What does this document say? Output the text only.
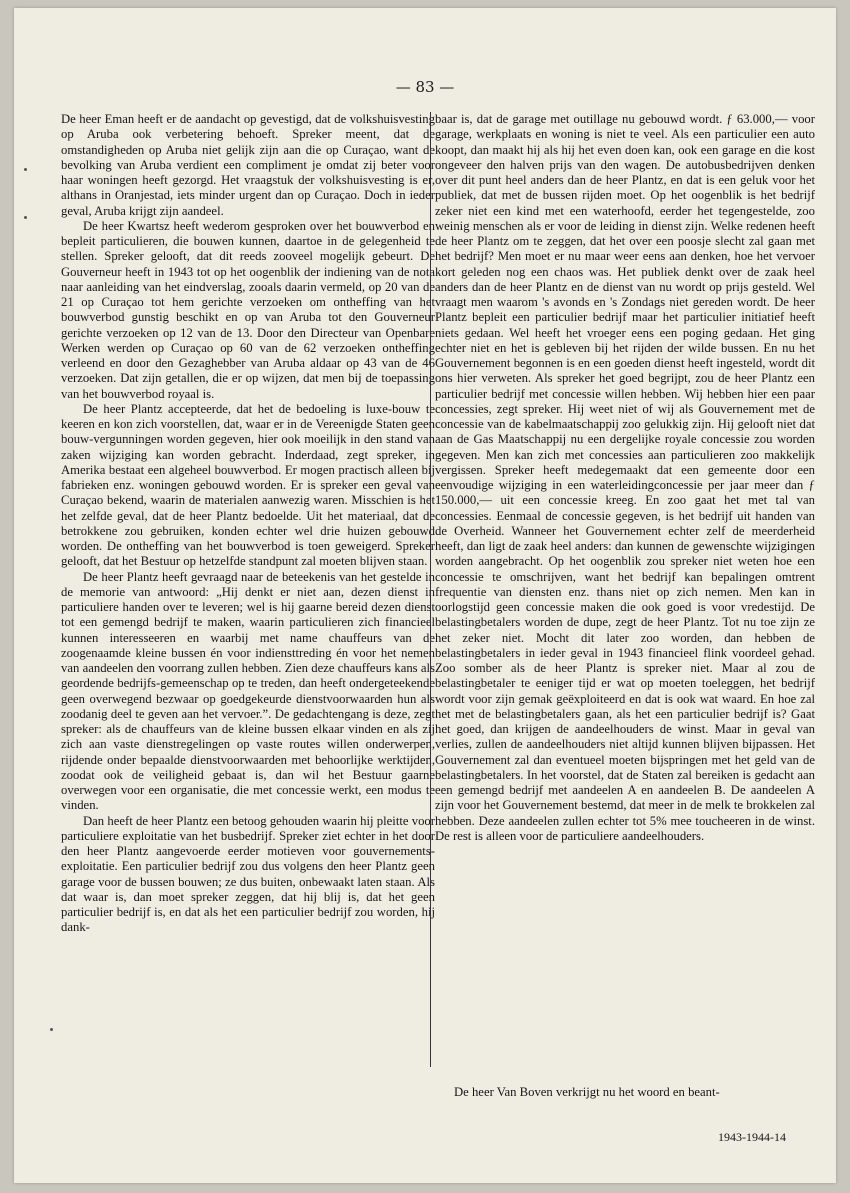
— 83 —

De heer Eman heeft er de aandacht op gevestigd, dat de volkshuisvesting op Aruba ook verbetering behoeft. Spreker meent, dat de omstandigheden op Aruba niet gelijk zijn aan die op Curaçao, want de bevolking van Aruba verdient een compliment je omdat zij beter voor haar woningen heeft gezorgd. Het vraagstuk der volkshuisvesting is er, althans in Oranjestad, iets minder urgent dan op Curaçao. Doch in ieder geval, Aruba krijgt zijn aandeel.

De heer Kwartsz heeft wederom gesproken over het bouwverbod en bepleit particulieren, die bouwen kunnen, daartoe in de gelegenheid te stellen. Spreker gelooft, dat dit reeds zooveel mogelijk gebeurt. De Gouverneur heeft in 1943 tot op het oogenblik der indiening van de nota naar aanleiding van het eindverslag, zooals daarin vermeld, op 20 van de 21 op Curaçao tot hem gerichte verzoeken om ontheffing van het bouwverbod gunstig beschikt en op van Aruba tot den Gouverneur gerichte verzoeken op 12 van de 13. Door den Directeur van Openbare Werken werden op Curaçao op 60 van de 62 verzoeken ontheffing verleend en door den Gezaghebber van Aruba aldaar op 43 van de 46 verzoeken. Dat zijn getallen, die er op wijzen, dat men bij de toepassing van het bouwverbod royaal is.

De heer Plantz accepteerde, dat het de bedoeling is luxe-bouw te keeren en kon zich voorstellen, dat, waar er in de Vereenigde Staten geen bouw-vergunningen worden gegeven, hier ook moeilijk in den stand van zaken wijziging kan worden gebracht. Inderdaad, zegt spreker, in Amerika bestaat een algeheel bouwverbod. Er mogen practisch alleen bij fabrieken enz. woningen gebouwd worden. Er is spreker een geval van Curaçao bekend, waarin de materialen aanwezig waren. Misschien is het het zelfde geval, dat de heer Plantz bedoelde. Uit het materiaal, dat de betrokkene zou gebruiken, konden echter wel drie huizen gebouwd worden. De ontheffing van het bouwverbod is toen geweigerd. Spreker gelooft, dat het Bestuur op hetzelfde standpunt zal moeten blijven staan.

De heer Plantz heeft gevraagd naar de beteekenis van het gestelde in de memorie van antwoord: „Hij denkt er niet aan, dezen dienst in particuliere handen over te leveren; wel is hij gaarne bereid dezen dienst tot een gemengd bedrijf te maken, waarin particulieren zich financieel kunnen interesseeren en waarbij met name chauffeurs van de zoogenaamde kleine bussen én voor indiensttreding én voor het nemen van aandeelen den voorrang zullen hebben. Zien deze chauffeurs kans als geordende bedrijfs-gemeenschap op te treden, dan heeft ondergeteekende geen overwegend bezwaar op goedgekeurde dienstvoorwaarden hun als zoodanig deel te geven aan het vervoer.”. De gedachtengang is deze, zegt spreker: als de chauffeurs van de kleine bussen elkaar vinden en als zij zich aan vaste dienstregelingen op vaste routes willen onderwerpen, rijdende onder bepaalde dienstvoorwaarden met behoorlijke werktijden, zoodat ook de veiligheid gebaat is, dan wil het Bestuur gaarne overwegen voor een organisatie, die met concessie werkt, een modus te vinden.

Dan heeft de heer Plantz een betoog gehouden waarin hij pleitte voor particuliere exploitatie van het busbedrijf. Spreker ziet echter in het door den heer Plantz aangevoerde eerder motieven voor gouvernements-exploitatie. Een particulier bedrijf zou dus volgens den heer Plantz geen garage voor de bussen bouwen; ze dus buiten, onbewaakt laten staan. Als dat waar is, dan moet spreker zeggen, dat hij blij is, dat het geen particulier bedrijf is, en dat als het een particulier bedrijf zou worden, hij dank-

baar is, dat de garage met outillage nu gebouwd wordt. ƒ 63.000,— voor garage, werkplaats en woning is niet te veel. Als een particulier een auto koopt, dan maakt hij als hij het even doen kan, ook een garage en die kost ongeveer den halven prijs van den wagen. De autobusbedrijven denken over dit punt heel anders dan de heer Plantz, en dat is een geluk voor het publiek, dat met de bussen rijden moet. Op het oogenblik is het bedrijf zeker niet een kind met een waterhoofd, eerder het tegengestelde, zoo weinig menschen als er voor de leiding in dienst zijn. Welke redenen heeft de heer Plantz om te zeggen, dat het over een poosje slecht zal gaan met het bedrijf? Men moet er nu maar weer eens aan denken, hoe het vervoer kort geleden nog een chaos was. Het publiek denkt over de zaak heel anders dan de heer Plantz en de dienst van nu wordt op prijs gesteld. Wel vraagt men waarom 's avonds en 's Zondags niet gereden wordt. De heer Plantz bepleit een particulier bedrijf maar het particulier initiatief heeft niets gedaan. Wel heeft het vroeger eens een poging gedaan. Het ging echter niet en het is gebleven bij het rijden der wilde bussen. En nu het Gouvernement begonnen is en een goeden dienst heeft ingesteld, wordt dit ons hier verweten. Als spreker het goed begrijpt, zou de heer Plantz een particulier bedrijf met concessie willen hebben. Wij hebben hier een paar concessies, zegt spreker. Hij weet niet of wij als Gouvernement met de concessie van de kabelmaatschappij zoo gelukkig zijn. Hij gelooft niet dat aan de Gas Maatschappij nu een dergelijke royale concessie zou worden gegeven. Men kan zich met concessies aan particulieren zoo makkelijk vergissen. Spreker heeft medegemaakt dat een gemeente door een eenvoudige wijziging in een waterleidingconcessie per jaar meer dan ƒ 150.000,— uit een concessie kreeg. En zoo gaat het met tal van concessies. Eenmaal de concessie gegeven, is het bedrijf uit handen van de Overheid. Wanneer het Gouvernement echter zelf de meerderheid heeft, dan ligt de zaak heel anders: dan kunnen de gewenschte wijzigingen worden aangebracht. Op het oogenblik zou spreker niet weten hoe een concessie te omschrijven, want het bedrijf kan bepalingen omtrent frequentie van diensten enz. thans niet op zich nemen. Men kan in oorlogstijd geen concessie maken die ook goed is voor vredestijd. De belastingbetalers worden de dupe, zegt de heer Plantz. Tot nu toe zijn ze het zeker niet. Mocht dit later zoo worden, dan hebben de belastingbetalers in ieder geval in 1943 financieel flink voordeel gehad. Zoo somber als de heer Plantz is spreker niet. Maar al zou de belastingbetaler te eeniger tijd er wat op moeten toeleggen, het bedrijf wordt voor zijn gemak geëxploiteerd en dat is ook wat waard. En hoe zal het met de belastingbetalers gaan, als het een particulier bedrijf is? Gaat het goed, dan krijgen de aandeelhouders de winst. Maar in geval van verlies, zullen de aandeelhouders niet altijd kunnen blijven bijpassen. Het Gouvernement zal dan eventueel moeten bijspringen met het geld van de belastingbetalers. In het voorstel, dat de Staten zal bereiken is gedacht aan een gemengd bedrijf met aandeelen A en aandeelen B. De aandeelen A zijn voor het Gouvernement bestemd, dat meer in de melk te brokkelen zal hebben. Deze aandeelen zullen echter tot 5% mee toucheeren in de winst. De rest is alleen voor de particuliere aandeelhouders.

De heer Van Boven verkrijgt nu het woord en beant-
1943-1944-14
